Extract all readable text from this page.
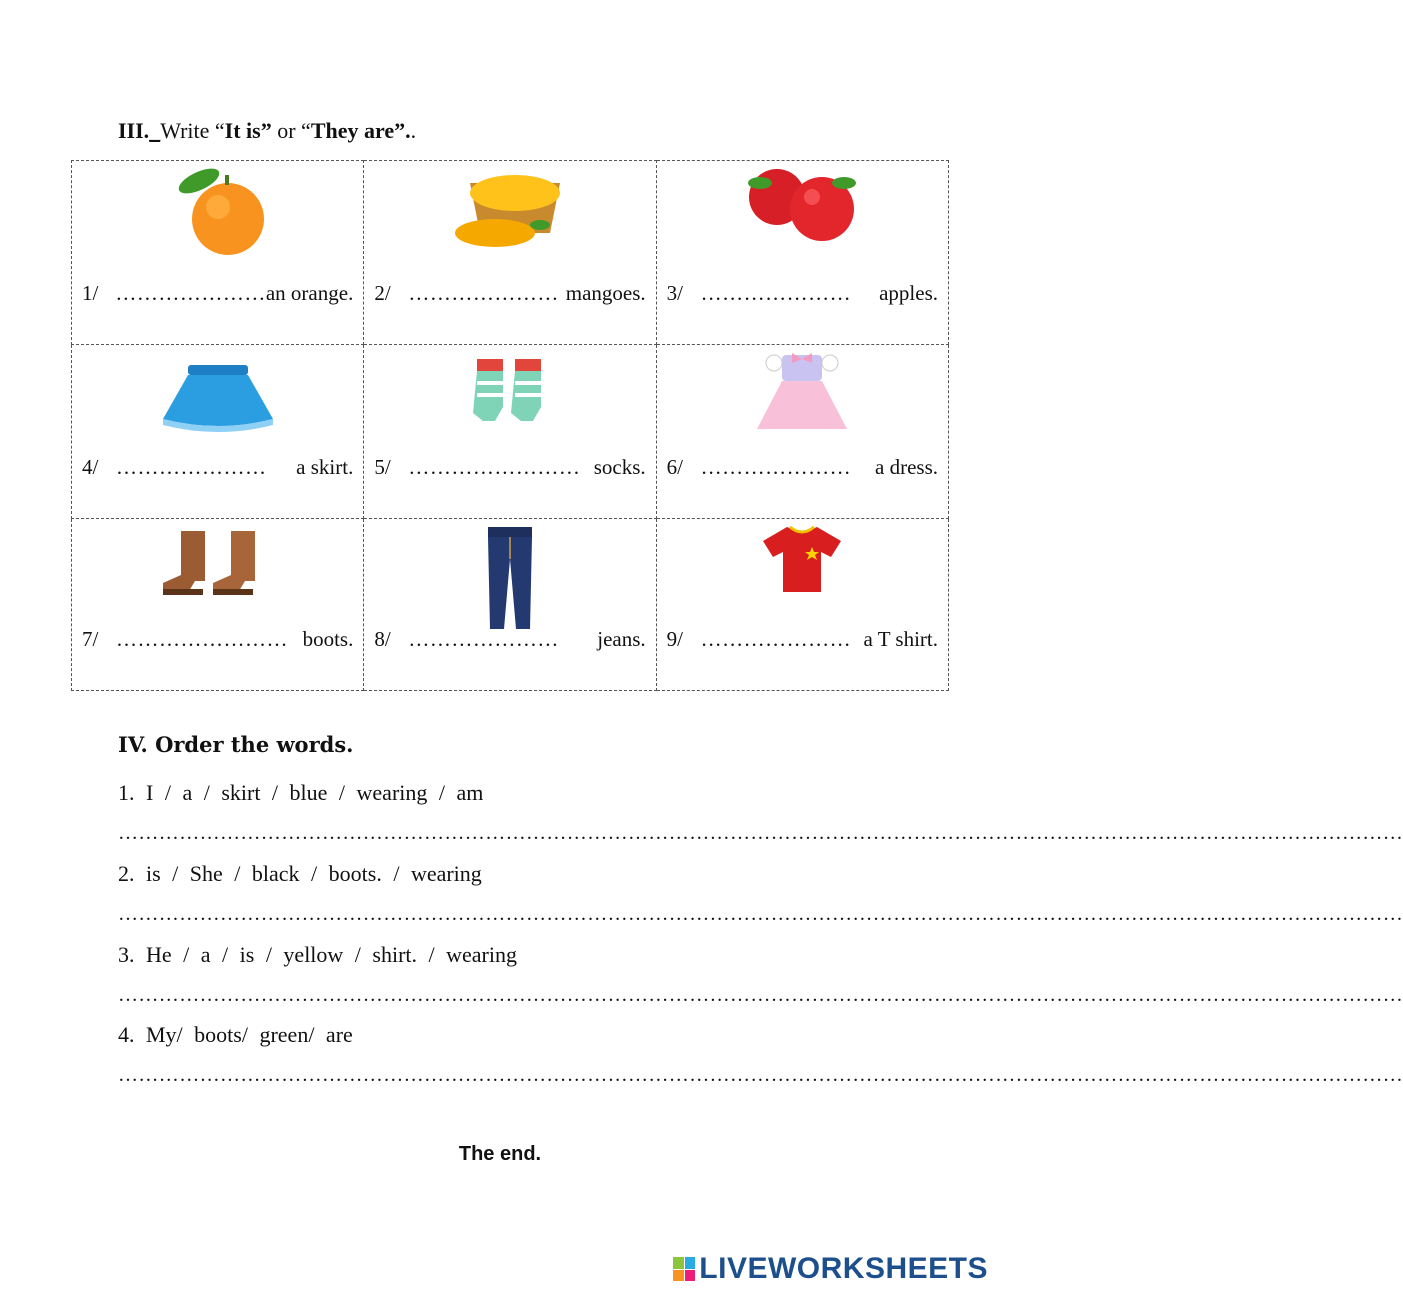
III._Write “It is” or “They are”..
1/ ………………… an orange.	2/ ………………… mangoes.	3/ ………………… apples.

4/ ………………… a skirt.	5/ …………………… socks.	6/ ………………… a dress.

7/ …………………… boots.	8/ ………………… jeans.	9/ ………………… a T shirt.
IV. Order the words.
1. I / a / skirt / blue / wearing / am
………………………………………………………………………………………………………………………………………………………………………
2. is / She / black / boots. / wearing
………………………………………………………………………………………………………………………………………………………………………
3. He / a / is / yellow / shirt. / wearing
………………………………………………………………………………………………………………………………………………………………………
4. My/ boots/ green/ are
………………………………………………………………………………………………………………………………………………………………………
The end.
LIVEWORKSHEETS
